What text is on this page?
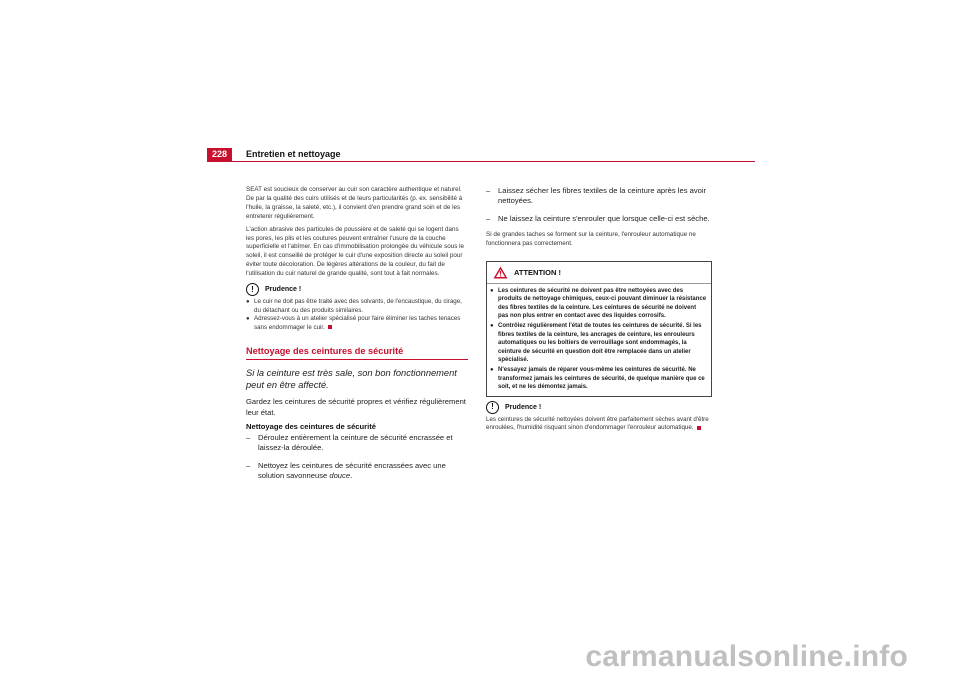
228	Entretien et nettoyage

SEAT est soucieux de conserver au cuir son caractère authentique et naturel. De par la qualité des cuirs utilisés et de leurs particularités (p. ex. sensibilité à l'huile, la graisse, la saleté, etc.), il convient d'en prendre grand soin et de les entretenir régulièrement.

L'action abrasive des particules de poussière et de saleté qui se logent dans les pores, les plis et les coutures peuvent entraîner l'usure de la couche superficielle et l'abîmer. En cas d'immobilisation prolongée du véhicule sous le soleil, il est conseillé de protéger le cuir d'une exposition directe au soleil pour éviter toute décoloration. De légères altérations de la couleur, du fait de l'utilisation du cuir naturel de grande qualité, sont tout à fait normales.

!	Prudence !
● Le cuir ne doit pas être traité avec des solvants, de l'encaustique, du cirage, du détachant ou des produits similaires.
● Adressez-vous à un atelier spécialisé pour faire éliminer les taches tenaces sans endommager le cuir.
Nettoyage des ceintures de sécurité

Si la ceinture est très sale, son bon fonctionnement peut en être affecté.

Gardez les ceintures de sécurité propres et vérifiez régulièrement leur état.

Nettoyage des ceintures de sécurité

–	Déroulez entièrement la ceinture de sécurité encrassée et laissez-la déroulée.
–	Nettoyez les ceintures de sécurité encrassées avec une solution savonneuse douce.
–	Laissez sécher les fibres textiles de la ceinture après les avoir nettoyées.
–	Ne laissez la ceinture s'enrouler que lorsque celle-ci est sèche.

Si de grandes taches se forment sur la ceinture, l'enrouleur automatique ne fonctionnera pas correctement.

ATTENTION !
● Les ceintures de sécurité ne doivent pas être nettoyées avec des produits de nettoyage chimiques, ceux-ci pouvant diminuer la résistance des fibres textiles de la ceinture. Les ceintures de sécurité ne doivent pas non plus entrer en contact avec des liquides corrosifs.
● Contrôlez régulièrement l'état de toutes les ceintures de sécurité. Si les fibres textiles de la ceinture, les ancrages de ceinture, les enrouleurs automatiques ou les boîtiers de verrouillage sont endommagés, la ceinture de sécurité en question doit être remplacée dans un atelier spécialisé.
● N'essayez jamais de réparer vous-même les ceintures de sécurité. Ne transformez jamais les ceintures de sécurité, de quelque manière que ce soit, et ne les démontez jamais.
!	Prudence !

Les ceintures de sécurité nettoyées doivent être parfaitement sèches avant d'être enroulées, l'humidité risquant sinon d'endommager l'enrouleur automatique.

carmanualsonline.info
